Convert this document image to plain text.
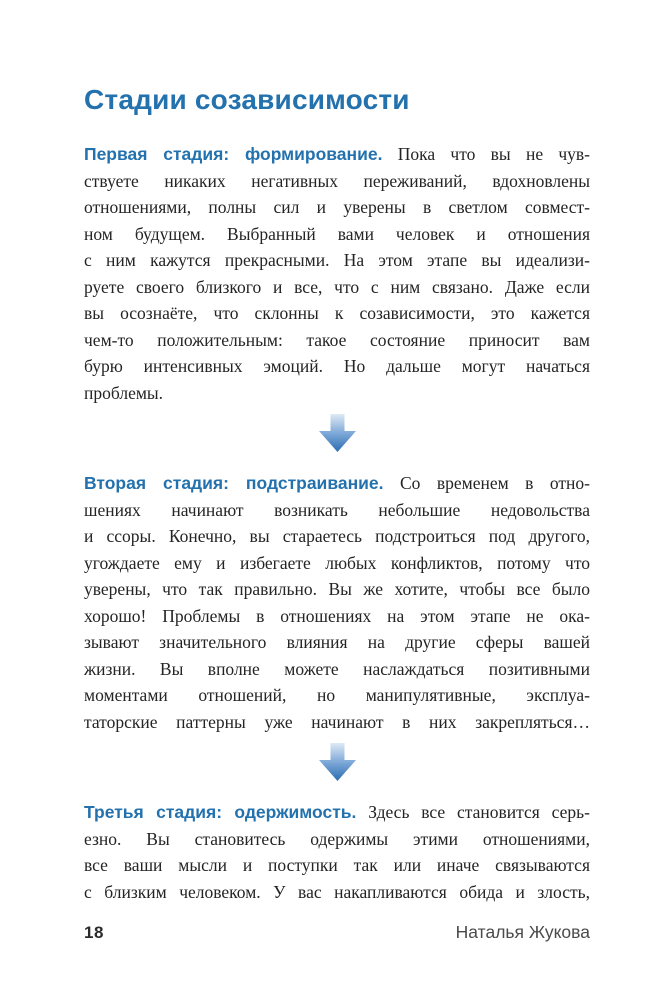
Стадии созависимости
Первая стадия: формирование. Пока что вы не чув-
ствуете никаких негативных переживаний, вдохновлены
отношениями, полны сил и уверены в светлом совмест-
ном будущем. Выбранный вами человек и отношения
с ним кажутся прекрасными. На этом этапе вы идеализи-
руете своего близкого и все, что с ним связано. Даже если
вы осознаёте, что склонны к созависимости, это кажется
чем-то положительным: такое состояние приносит вам
бурю интенсивных эмоций. Но дальше могут начаться
проблемы.
Вторая стадия: подстраивание. Со временем в отно-
шениях начинают возникать небольшие недовольства
и ссоры. Конечно, вы стараетесь подстроиться под другого,
угождаете ему и избегаете любых конфликтов, потому что
уверены, что так правильно. Вы же хотите, чтобы все было
хорошо! Проблемы в отношениях на этом этапе не ока-
зывают значительного влияния на другие сферы вашей
жизни. Вы вполне можете наслаждаться позитивными
моментами отношений, но манипулятивные, эксплуа-
таторские паттерны уже начинают в них закрепляться…
Третья стадия: одержимость. Здесь все становится серь-
езно. Вы становитесь одержимы этими отношениями,
все ваши мысли и поступки так или иначе связываются
с близким человеком. У вас накапливаются обида и злость,
18	Наталья Жукова
